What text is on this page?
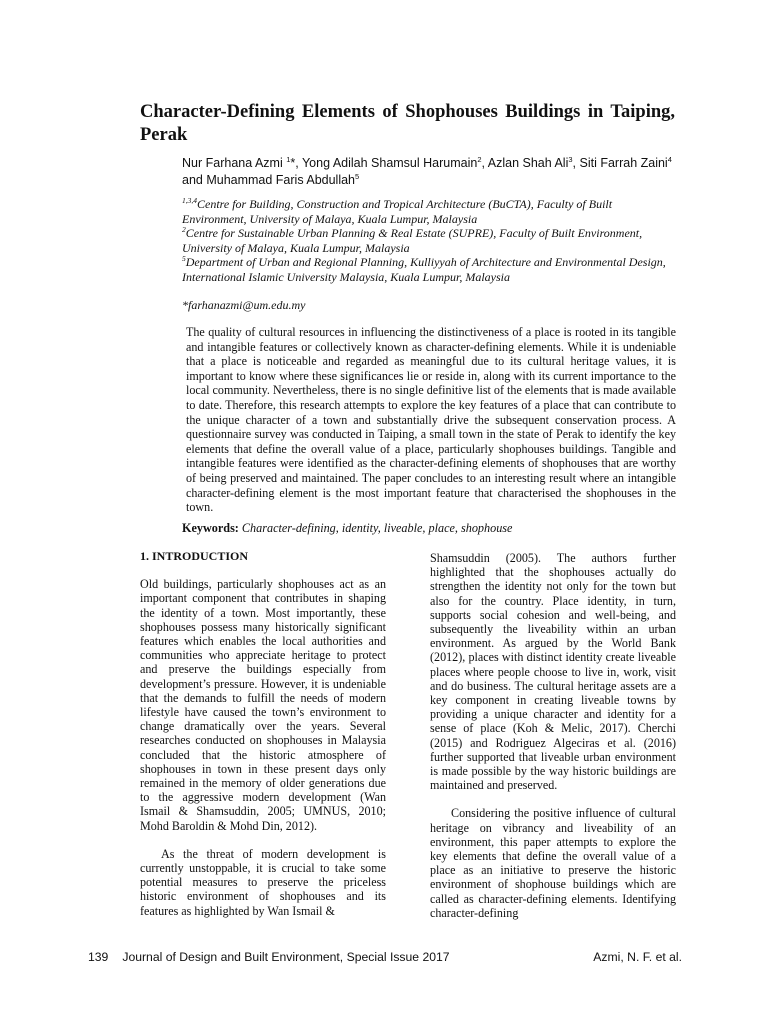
Character-Defining Elements of Shophouses Buildings in Taiping, Perak

Nur Farhana Azmi $^1$*, Yong Adilah Shamsul Harumain$^2$, Azlan Shah Ali$^3$, Siti Farrah Zaini$^4$ and Muhammad Faris Abdullah$^5$

$^{1,3,4}$Centre for Building, Construction and Tropical Architecture (BuCTA), Faculty of Built Environment, University of Malaya, Kuala Lumpur, Malaysia

$^2$Centre for Sustainable Urban Planning & Real Estate (SUPRE), Faculty of Built Environment, University of Malaya, Kuala Lumpur, Malaysia

$^5$Department of Urban and Regional Planning, Kulliyyah of Architecture and Environmental Design, International Islamic University Malaysia, Kuala Lumpur, Malaysia

*farhanazmi@um.edu.my

The quality of cultural resources in influencing the distinctiveness of a place is rooted in its tangible and intangible features or collectively known as character-defining elements. While it is undeniable that a place is noticeable and regarded as meaningful due to its cultural heritage values, it is important to know where these significances lie or reside in, along with its current importance to the local community. Nevertheless, there is no single definitive list of the elements that is made available to date. Therefore, this research attempts to explore the key features of a place that can contribute to the unique character of a town and substantially drive the subsequent conservation process. A questionnaire survey was conducted in Taiping, a small town in the state of Perak to identify the key elements that define the overall value of a place, particularly shophouses buildings. Tangible and intangible features were identified as the character-defining elements of shophouses that are worthy of being preserved and maintained. The paper concludes to an interesting result where an intangible character-defining element is the most important feature that characterised the shophouses in the town.

Keywords: Character-defining, identity, liveable, place, shophouse

1. INTRODUCTION

Old buildings, particularly shophouses act as an important component that contributes in shaping the identity of a town. Most importantly, these shophouses possess many historically significant features which enables the local authorities and communities who appreciate heritage to protect and preserve the buildings especially from development’s pressure. However, it is undeniable that the demands to fulfill the needs of modern lifestyle have caused the town’s environment to change dramatically over the years. Several researches conducted on shophouses in Malaysia concluded that the historic atmosphere of shophouses in town in these present days only remained in the memory of older generations due to the aggressive modern development (Wan Ismail & Shamsuddin, 2005; UMNUS, 2010; Mohd Baroldin & Mohd Din, 2012).

As the threat of modern development is currently unstoppable, it is crucial to take some potential measures to preserve the priceless historic environment of shophouses and its features as highlighted by Wan Ismail &

Shamsuddin (2005). The authors further highlighted that the shophouses actually do strengthen the identity not only for the town but also for the country. Place identity, in turn, supports social cohesion and well-being, and subsequently the liveability within an urban environment. As argued by the World Bank (2012), places with distinct identity create liveable places where people choose to live in, work, visit and do business. The cultural heritage assets are a key component in creating liveable towns by providing a unique character and identity for a sense of place (Koh & Melic, 2017). Cherchi (2015) and Rodriguez Algeciras et al. (2016) further supported that liveable urban environment is made possible by the way historic buildings are maintained and preserved.

Considering the positive influence of cultural heritage on vibrancy and liveability of an environment, this paper attempts to explore the key elements that define the overall value of a place as an initiative to preserve the historic environment of shophouse buildings which are called as character-defining elements. Identifying character-defining

139 Journal of Design and Built Environment, Special Issue 2017	Azmi, N. F. et al.
